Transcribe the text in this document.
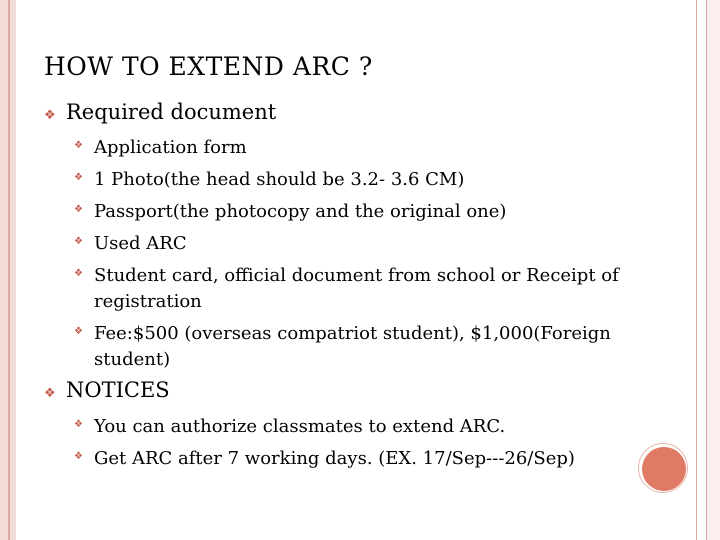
HOW TO EXTEND ARC ?
❖ Required document
❖ Application form
❖ 1 Photo(the head should be 3.2- 3.6 CM)
❖ Passport(the photocopy and the original one)
❖ Used ARC
❖ Student card, official document from school or Receipt of registration
❖ Fee:$500 (overseas compatriot student), $1,000(Foreign student)
❖ NOTICES
❖ You can authorize classmates to extend ARC.
❖ Get ARC after 7 working days. (EX. 17/Sep---26/Sep)
